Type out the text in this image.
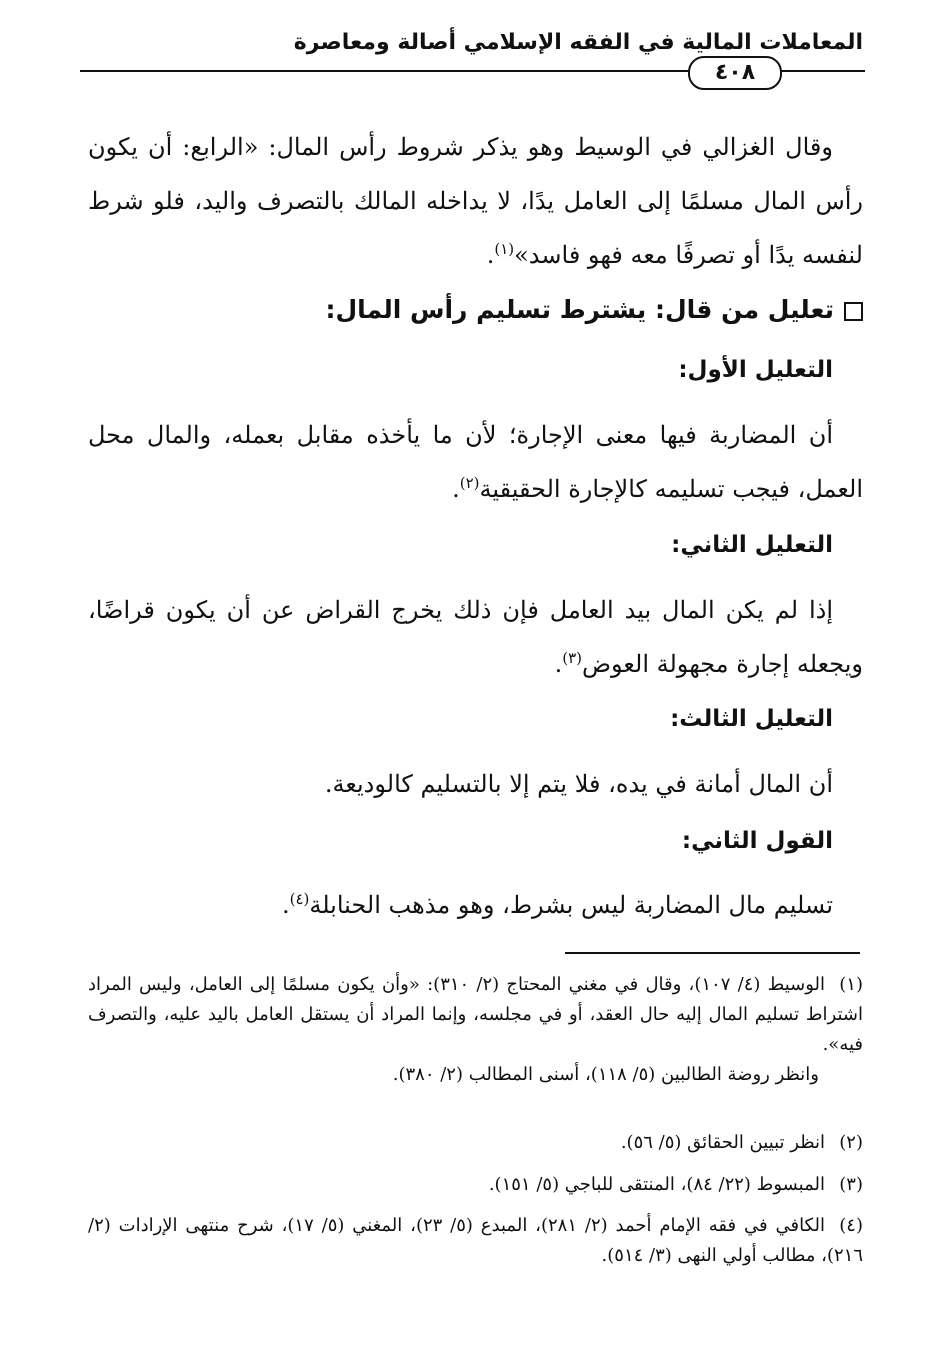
المعاملات المالية في الفقه الإسلامي أصالة ومعاصرة
٤٠٨

وقال الغزالي في الوسيط وهو يذكر شروط رأس المال: «الرابع: أن يكون رأس المال مسلمًا إلى العامل يدًا، لا يداخله المالك بالتصرف واليد، فلو شرط لنفسه يدًا أو تصرفًا معه فهو فاسد»$^{(١)}$.

تعليل من قال: يشترط تسليم رأس المال:
التعليل الأول:

أن المضاربة فيها معنى الإجارة؛ لأن ما يأخذه مقابل بعمله، والمال محل العمل، فيجب تسليمه كالإجارة الحقيقية$^{(٢)}$.

التعليل الثاني:

إذا لم يكن المال بيد العامل فإن ذلك يخرج القراض عن أن يكون قراضًا، ويجعله إجارة مجهولة العوض$^{(٣)}$.

التعليل الثالث:

أن المال أمانة في يده، فلا يتم إلا بالتسليم كالوديعة.

القول الثاني:

تسليم مال المضاربة ليس بشرط، وهو مذهب الحنابلة$^{(٤)}$.

(١)الوسيط (٤/ ١٠٧)، وقال في مغني المحتاج (٢/ ٣١٠): «وأن يكون مسلمًا إلى العامل، وليس المراد اشتراط تسليم المال إليه حال العقد، أو في مجلسه، وإنما المراد أن يستقل العامل باليد عليه، والتصرف فيه».
وانظر روضة الطالبين (٥/ ١١٨)، أسنى المطالب (٢/ ٣٨٠).
(٢)انظر تبيين الحقائق (٥/ ٥٦).
(٣)المبسوط (٢٢/ ٨٤)، المنتقى للباجي (٥/ ١٥١).
(٤)الكافي في فقه الإمام أحمد (٢/ ٢٨١)، المبدع (٥/ ٢٣)، المغني (٥/ ١٧)، شرح منتهى الإرادات (٢/ ٢١٦)، مطالب أولي النهى (٣/ ٥١٤).
